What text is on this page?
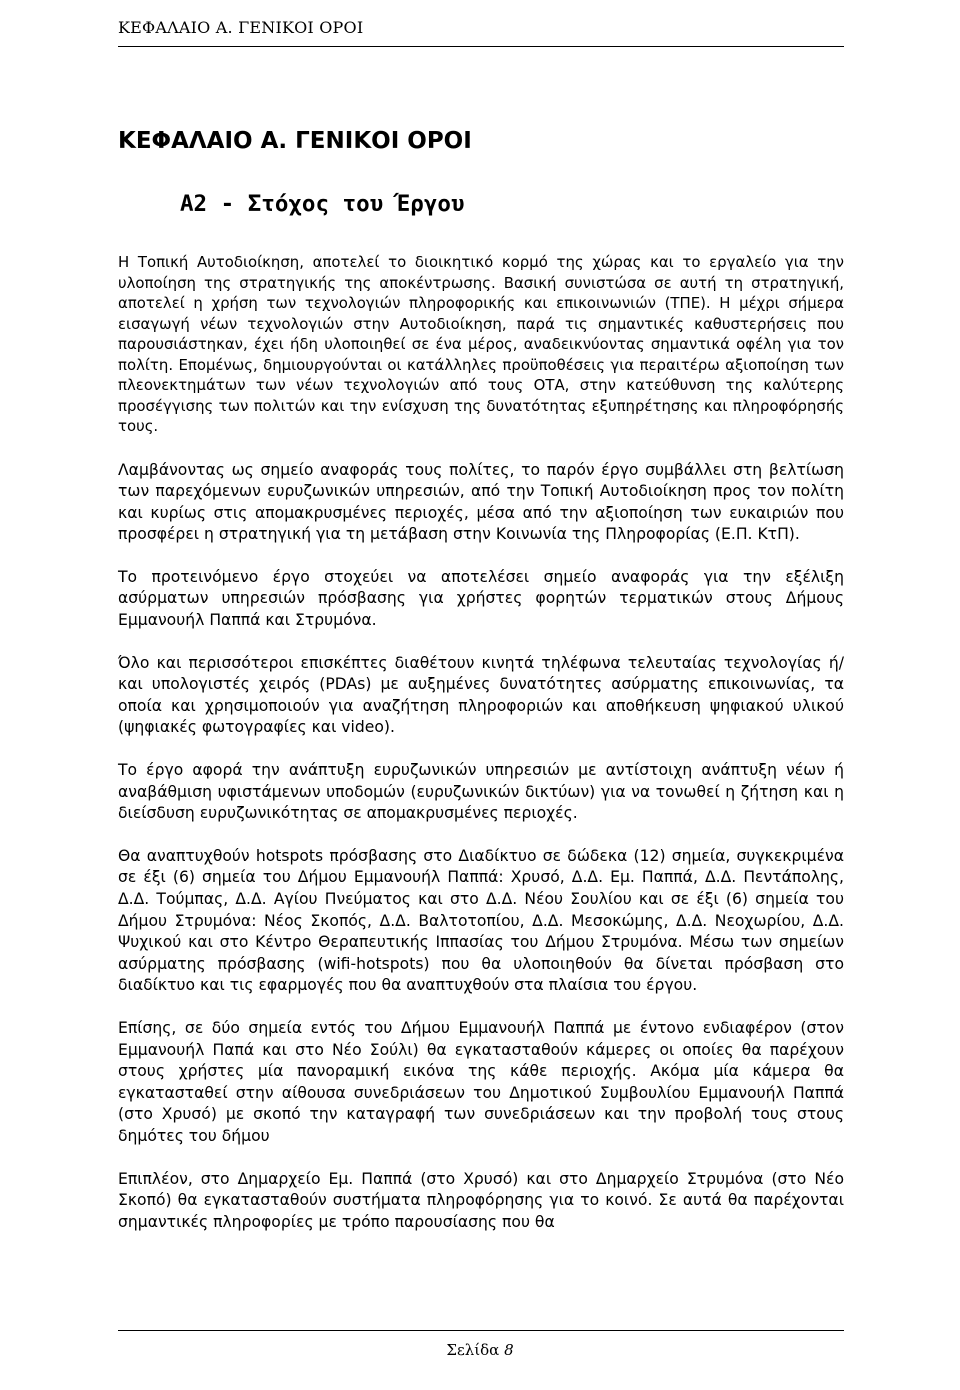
ΚΕΦΑΛΑΙΟ Α. ΓΕΝΙΚΟΙ ΟΡΟΙ
ΚΕΦΑΛΑΙΟ Α. ΓΕΝΙΚΟΙ ΟΡΟΙ
Α2 - Στόχος του Έργου

Η Τοπική Αυτοδιοίκηση, αποτελεί το διοικητικό κορμό της χώρας και το εργαλείο για την υλοποίηση της στρατηγικής της αποκέντρωσης. Βασική συνιστώσα σε αυτή τη στρατηγική, αποτελεί η χρήση των τεχνολογιών πληροφορικής και επικοινωνιών (ΤΠΕ). Η μέχρι σήμερα εισαγωγή νέων τεχνολογιών στην Αυτοδιοίκηση, παρά τις σημαντικές καθυστερήσεις που παρουσιάστηκαν, έχει ήδη υλοποιηθεί σε ένα μέρος, αναδεικνύοντας σημαντικά οφέλη για τον πολίτη. Επομένως, δημιουργούνται οι κατάλληλες προϋποθέσεις για περαιτέρω αξιοποίηση των πλεονεκτημάτων των νέων τεχνολογιών από τους ΟΤΑ, στην κατεύθυνση της καλύτερης προσέγγισης των πολιτών και την ενίσχυση της δυνατότητας εξυπηρέτησης και πληροφόρησής τους.

Λαμβάνοντας ως σημείο αναφοράς τους πολίτες, το παρόν έργο συμβάλλει στη βελτίωση των παρεχόμενων ευρυζωνικών υπηρεσιών, από την Τοπική Αυτοδιοίκηση προς τον πολίτη και κυρίως στις απομακρυσμένες περιοχές, μέσα από την αξιοποίηση των ευκαιριών που προσφέρει η στρατηγική για τη μετάβαση στην Κοινωνία της Πληροφορίας (Ε.Π. ΚτΠ).

Το προτεινόμενο έργο στοχεύει να αποτελέσει σημείο αναφοράς για την εξέλιξη ασύρματων υπηρεσιών πρόσβασης για χρήστες φορητών τερματικών στους Δήμους Εμμανουήλ Παππά και Στρυμόνα.

Όλο και περισσότεροι επισκέπτες διαθέτουν κινητά τηλέφωνα τελευταίας τεχνολογίας ή/και υπολογιστές χειρός (PDAs) με αυξημένες δυνατότητες ασύρματης επικοινωνίας, τα οποία και χρησιμοποιούν για αναζήτηση πληροφοριών και αποθήκευση ψηφιακού υλικού (ψηφιακές φωτογραφίες και video).

Το έργο αφορά την ανάπτυξη ευρυζωνικών υπηρεσιών με αντίστοιχη ανάπτυξη νέων ή αναβάθμιση υφιστάμενων υποδομών (ευρυζωνικών δικτύων) για να τονωθεί η ζήτηση και η διείσδυση ευρυζωνικότητας σε απομακρυσμένες περιοχές.

Θα αναπτυχθούν hotspots πρόσβασης στο Διαδίκτυο σε δώδεκα (12) σημεία, συγκεκριμένα σε έξι (6) σημεία του Δήμου Εμμανουήλ Παππά: Χρυσό, Δ.Δ. Εμ. Παππά, Δ.Δ. Πεντάπολης, Δ.Δ. Τούμπας, Δ.Δ. Αγίου Πνεύματος και στο Δ.Δ. Νέου Σουλίου και σε έξι (6) σημεία του Δήμου Στρυμόνα: Νέος Σκοπός, Δ.Δ. Βαλτοτοπίου, Δ.Δ. Μεσοκώμης, Δ.Δ. Νεοχωρίου, Δ.Δ. Ψυχικού και στο Κέντρο Θεραπευτικής Ιππασίας του Δήμου Στρυμόνα. Μέσω των σημείων ασύρματης πρόσβασης (wifi-hotspots) που θα υλοποιηθούν θα δίνεται πρόσβαση στο διαδίκτυο και τις εφαρμογές που θα αναπτυχθούν στα πλαίσια του έργου.

Επίσης, σε δύο σημεία εντός του Δήμου Εμμανουήλ Παππά με έντονο ενδιαφέρον (στον Εμμανουήλ Παπά και στο Νέο Σούλι) θα εγκατασταθούν κάμερες οι οποίες θα παρέχουν στους χρήστες μία πανοραμική εικόνα της κάθε περιοχής. Ακόμα μία κάμερα θα εγκατασταθεί στην αίθουσα συνεδριάσεων του Δημοτικού Συμβουλίου Εμμανουήλ Παππά (στο Χρυσό) με σκοπό την καταγραφή των συνεδριάσεων και την προβολή τους στους δημότες του δήμου

Επιπλέον, στο Δημαρχείο Εμ. Παππά (στο Χρυσό) και στο Δημαρχείο Στρυμόνα (στο Νέο Σκοπό) θα εγκατασταθούν συστήματα πληροφόρησης για το κοινό. Σε αυτά θα παρέχονται σημαντικές πληροφορίες με τρόπο παρουσίασης που θα

Σελίδα 8
